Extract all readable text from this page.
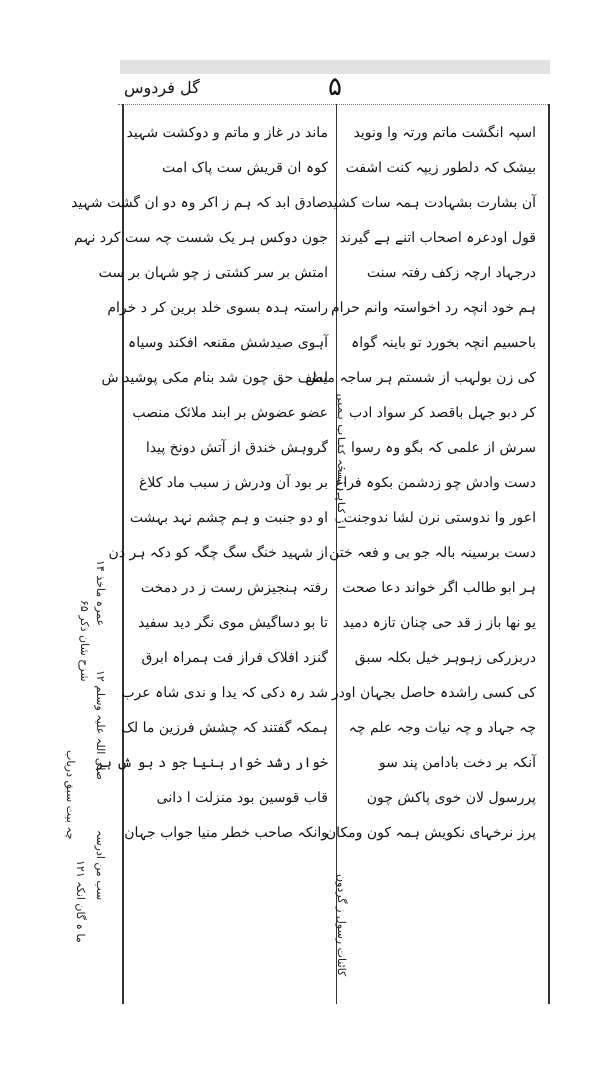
گل فردوس	۵
اسپہ انگشت ماتم ورتہ وا ونوید
بیشک کہ دلطور زیپہ کنت اشفت
آن بشارت بشہادت ہمہ سات کشید
قول اودعرہ اصحاب اتنے ہے گیرند
درجہاد ارچہ زکف رفتہ سنت
ہم خود انچہ رد اخواستہ وانم حرام
باحسیم انچہ بخورد تو باینہ گواہ
کی زن بولہب از شستم ہر ساجہ میش
کر دبو جہل باقصد کر سواد ادب
سرش از علمی کہ بگو وہ رسوا
دست وادش چو زدشمن بکوہ فراغ
اعور وا ندوستی نرن لشا ندوجنت
دست برسینہ بالہ جو بی و فعہ ختن
ہر ابو طالب اگر خواند دعا صحت
یو نھا باز ز قد حی چنان تازہ دمید
دربزرکی زہوہر خیل بکلہ سبق
کی کسی راشدہ حاصل بجہان اودر
چہ جہاد و چہ نیات وجہ علم چہ
آنکہ بر دخت بادامن پند سو
پررسول لان خوی پاکش چون
پرز نرخہای نکویش ہمہ کون ومکان
ماند در غاز و ماتم و دوکشت شہید
کوہ ان قریش ست پاک امت
صادق ابد کہ ہم ز اکر وہ دو ان گشت شہید
جون دوکس ہر یک شست چہ ست کرد نہم
امتش بر سر کشتی ز چو شہان بر ست
راستہ ہدہ بسوی خلد برین کر د خرام
آہوی صیدشش مقنعہ افکند وسیاہ
لطف حق چون شد بنام مکی پوشید ش
عضو عضوش بر ابند ملائک منصب
گروہش خندق از آتش دونخ پیدا
بر بود آن ودرش ز سبب ماد کلاغ
او دو جنبت و ہم چشم نہد بہشت
از شہید خنگ سگ چگہ کو دکہ ہر دن
رفتہ ہنجیزش رست ز در دمخت
تا بو دساگیش موی نگر دید سفید
گنزد افلاک فراز فت ہمراہ ابرق
شد رہ دکی کہ یدا و ندی شاہ عرب
ہمکہ گفتند کہ چشش فرزین ما لک
خوار رشد خوار بنیا جو د بو ش ہر
قاب قوسین بود منزلت ا دانی
وانکہ صاحب خطر منیا جواب جہان
از کاپی نسخہ کتاب ہمیں
کائنات رسول ز گردون
عمرہ ماخذ ۱۴
شرح شان ذکر ۶۵ صلی اللہ علیہ وسلم ۱۲
چہ بیت سبق درباب
سب من ادرسہ
ما ہ گان انکہ ۱۲۱
